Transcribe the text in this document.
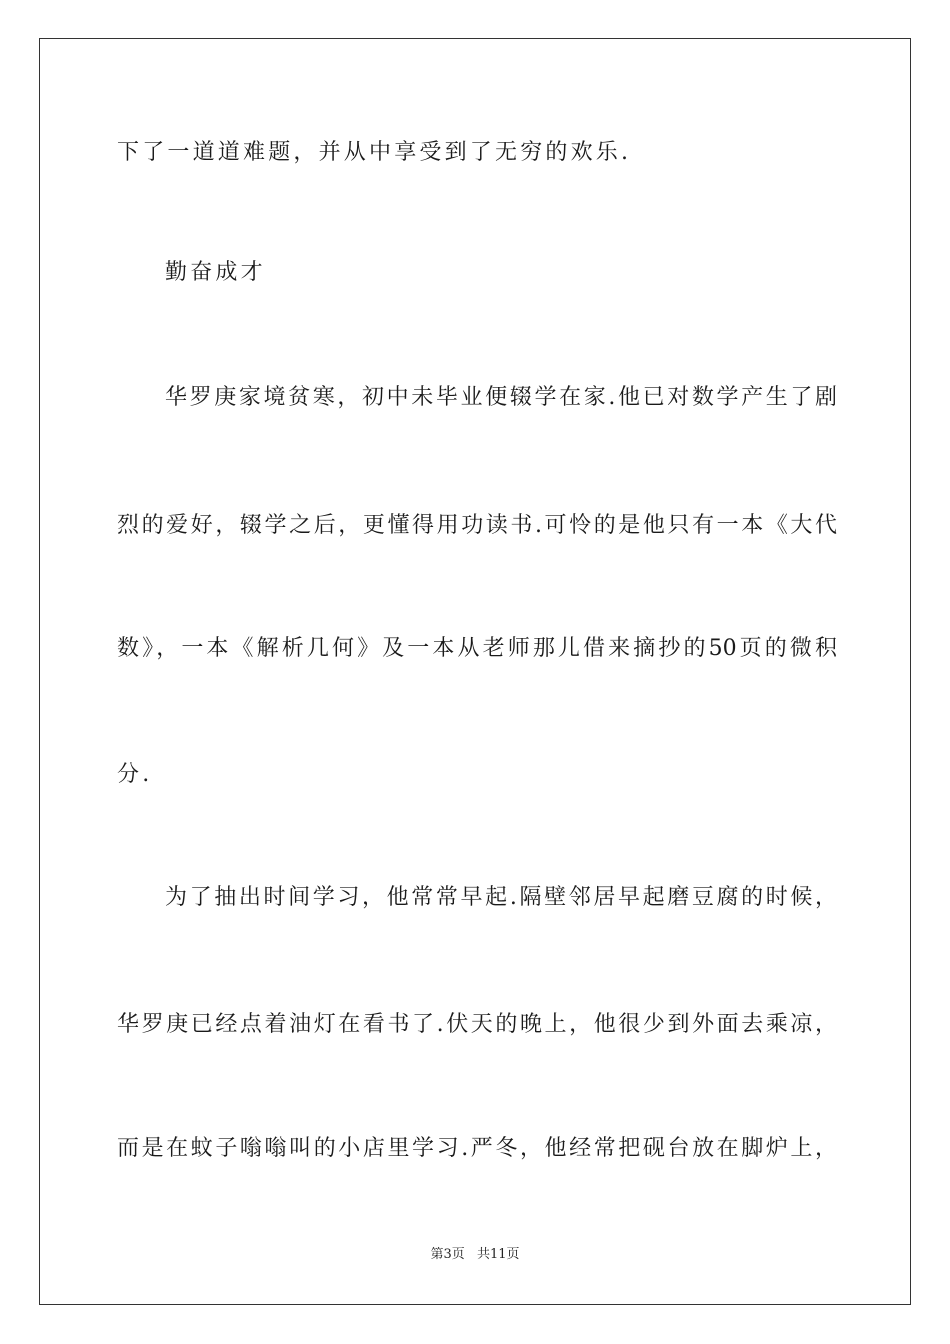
下了一道道难题，并从中享受到了无穷的欢乐.

勤奋成才

华罗庚家境贫寒，初中未毕业便辍学在家.他已对数学产生了剧

烈的爱好，辍学之后，更懂得用功读书.可怜的是他只有一本《大代

数》，一本《解析几何》及一本从老师那儿借来摘抄的50页的微积

分.

为了抽出时间学习，他常常早起.隔壁邻居早起磨豆腐的时候，

华罗庚已经点着油灯在看书了.伏天的晚上，他很少到外面去乘凉，

而是在蚊子嗡嗡叫的小店里学习.严冬，他经常把砚台放在脚炉上，

第3页 共11页
